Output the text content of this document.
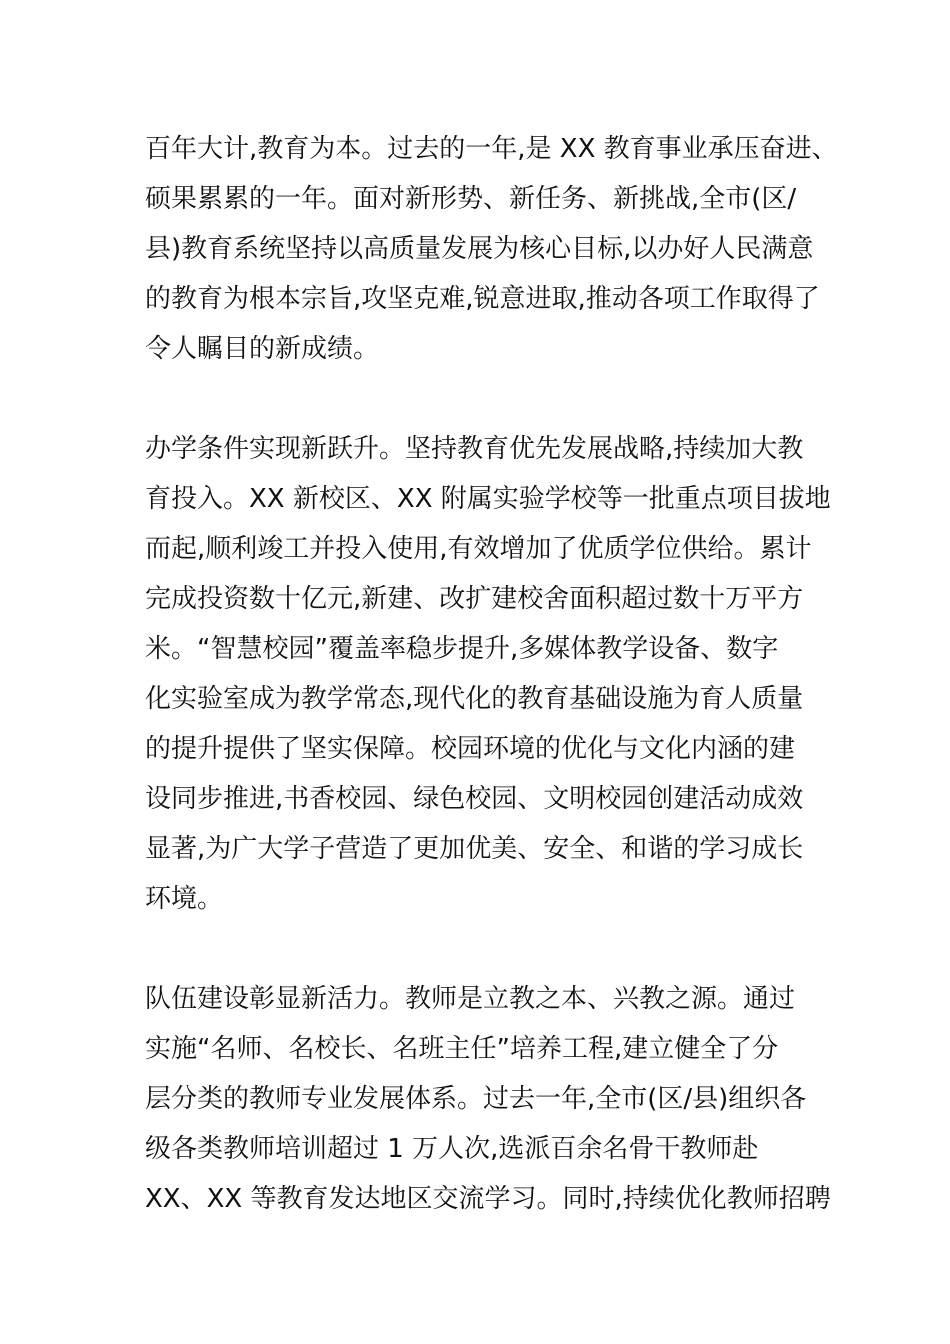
百年大计,教育为本。过去的一年,是 XX 教育事业承压奋进、
硕果累累的一年。面对新形势、新任务、新挑战,全市(区/
县)教育系统坚持以高质量发展为核心目标,以办好人民满意
的教育为根本宗旨,攻坚克难,锐意进取,推动各项工作取得了
令人瞩目的新成绩。

办学条件实现新跃升。坚持教育优先发展战略,持续加大教
育投入。XX 新校区、XX 附属实验学校等一批重点项目拔地
而起,顺利竣工并投入使用,有效增加了优质学位供给。累计
完成投资数十亿元,新建、改扩建校舍面积超过数十万平方
米。“智慧校园”覆盖率稳步提升,多媒体教学设备、数字
化实验室成为教学常态,现代化的教育基础设施为育人质量
的提升提供了坚实保障。校园环境的优化与文化内涵的建
设同步推进,书香校园、绿色校园、文明校园创建活动成效
显著,为广大学子营造了更加优美、安全、和谐的学习成长
环境。

队伍建设彰显新活力。教师是立教之本、兴教之源。通过
实施“名师、名校长、名班主任”培养工程,建立健全了分
层分类的教师专业发展体系。过去一年,全市(区/县)组织各
级各类教师培训超过 1 万人次,选派百余名骨干教师赴
XX、XX 等教育发达地区交流学习。同时,持续优化教师招聘
